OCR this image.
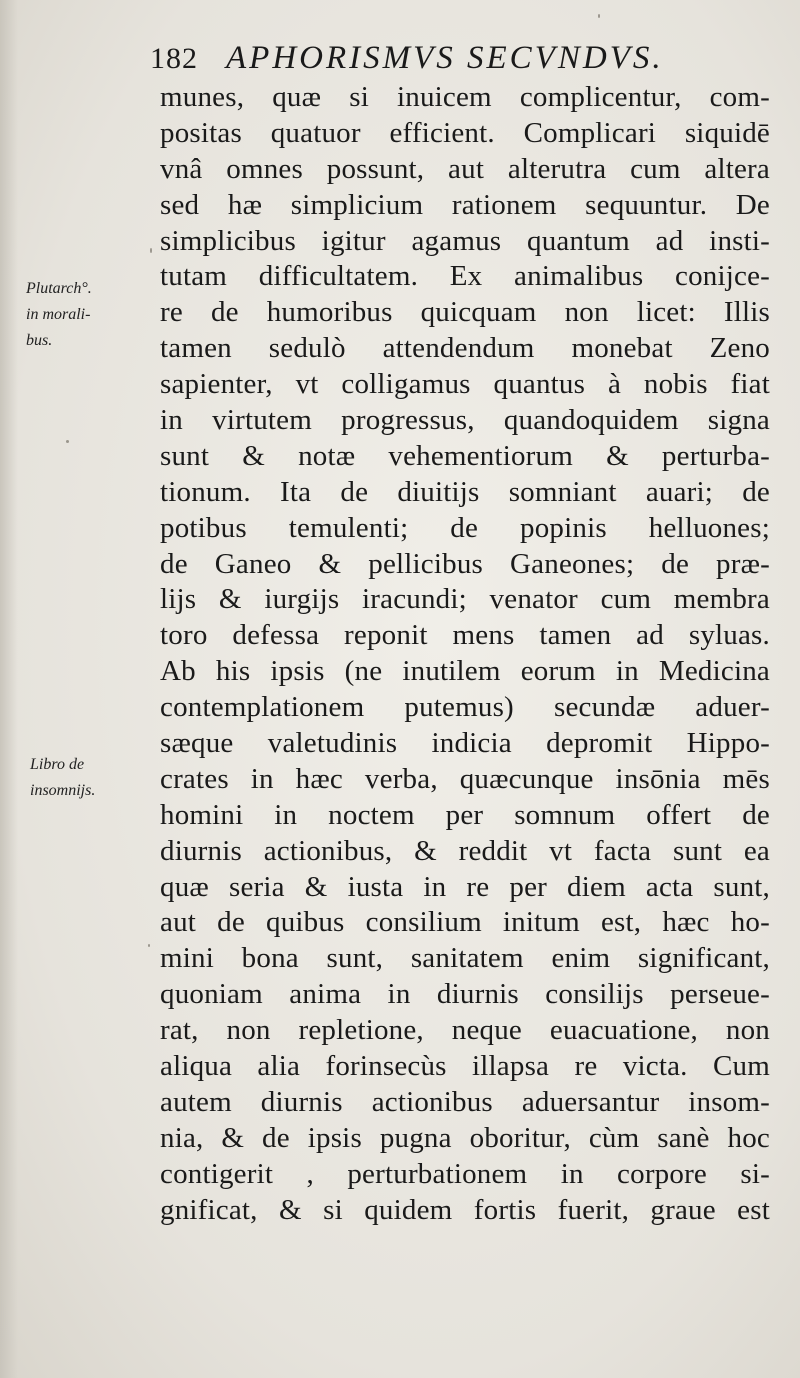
182 APHORISMVS SECVNDVS.
Plutarch°.
in morali-
bus.
Libro de
insomnijs.
munes, quæ si inuicem complicentur, com-
positas quatuor efficient. Complicari siquidē
vnâ omnes possunt, aut alterutra cum altera
sed hæ simplicium rationem sequuntur. De
simplicibus igitur agamus quantum ad insti-
tutam difficultatem. Ex animalibus conijce-
re de humoribus quicquam non licet: Illis
tamen sedulò attendendum monebat Zeno
sapienter, vt colligamus quantus à nobis fiat
in virtutem progressus, quandoquidem signa
sunt & notæ vehementiorum & perturba-
tionum. Ita de diuitijs somniant auari; de
potibus temulenti; de popinis helluones;
de Ganeo & pellicibus Ganeones; de præ-
lijs & iurgijs iracundi; venator cum membra
toro defessa reponit mens tamen ad syluas.
Ab his ipsis (ne inutilem eorum in Medicina
contemplationem putemus) secundæ aduer-
sæque valetudinis indicia depromit Hippo-
crates in hæc verba, quæcunque insōnia mēs
homini in noctem per somnum offert de
diurnis actionibus, & reddit vt facta sunt ea
quæ seria & iusta in re per diem acta sunt,
aut de quibus consilium initum est, hæc ho-
mini bona sunt, sanitatem enim significant,
quoniam anima in diurnis consilijs perseue-
rat, non repletione, neque euacuatione, non
aliqua alia forinsecùs illapsa re victa. Cum
autem diurnis actionibus aduersantur insom-
nia, & de ipsis pugna oboritur, cùm sanè hoc
contigerit , perturbationem in corpore si-
gnificat, & si quidem fortis fuerit, graue est
